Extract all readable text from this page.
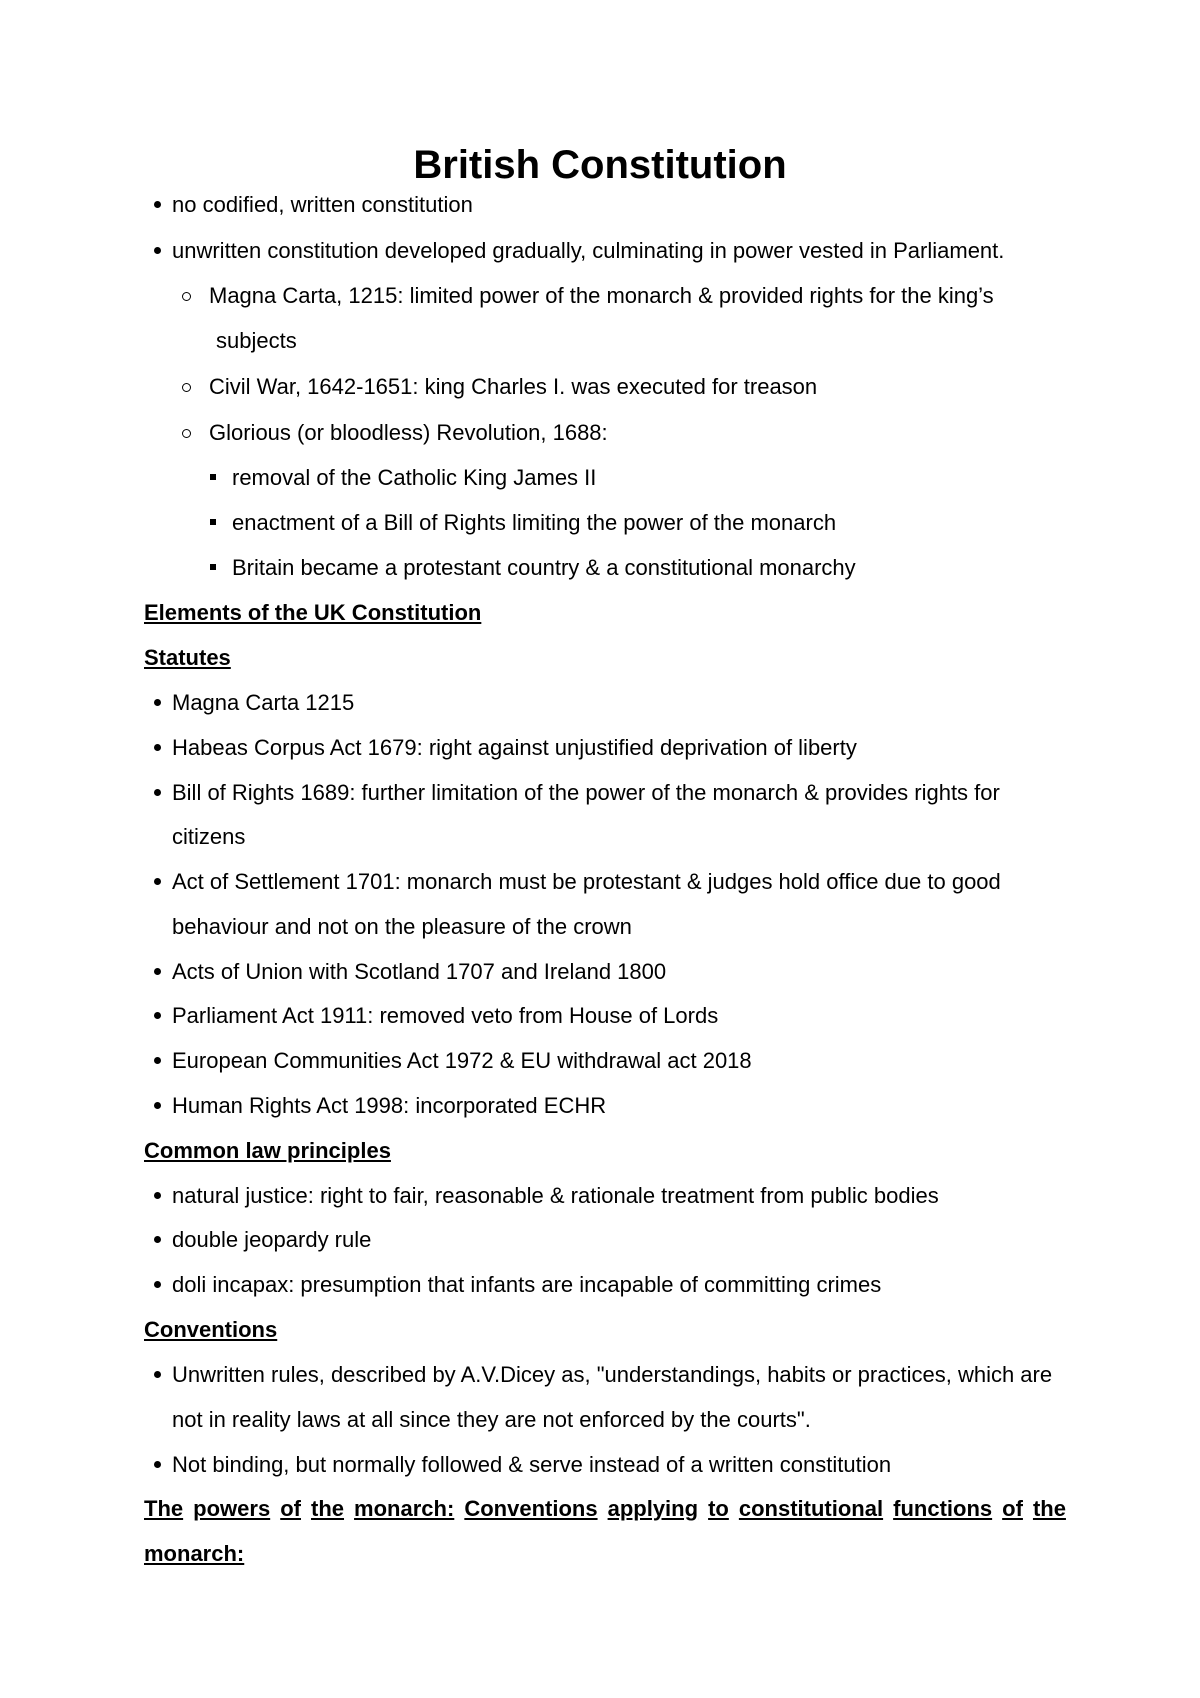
British Constitution

no codified, written constitution

unwritten constitution developed gradually, culminating in power vested in Parliament.

Magna Carta, 1215: limited power of the monarch & provided rights for the king’s

subjects

Civil War, 1642-1651: king Charles I. was executed for treason

Glorious (or bloodless) Revolution, 1688:

removal of the Catholic King James II

enactment of a Bill of Rights limiting the power of the monarch

Britain became a protestant country & a constitutional monarchy

Elements of the UK Constitution

Statutes

Magna Carta 1215

Habeas Corpus Act 1679: right against unjustified deprivation of liberty

Bill of Rights 1689: further limitation of the power of the monarch & provides rights for

citizens

Act of Settlement 1701: monarch must be protestant & judges hold office due to good

behaviour and not on the pleasure of the crown

Acts of Union with Scotland 1707 and Ireland 1800

Parliament Act 1911: removed veto from House of Lords

European Communities Act 1972 & EU withdrawal act 2018

Human Rights Act 1998: incorporated ECHR

Common law principles

natural justice: right to fair, reasonable & rationale treatment from public bodies

double jeopardy rule

doli incapax: presumption that infants are incapable of committing crimes

Conventions

Unwritten rules, described by A.V.Dicey as, "understandings, habits or practices, which are

not in reality laws at all since they are not enforced by the courts".

Not binding, but normally followed & serve instead of a written constitution

The powers of the monarch: Conventions applying to constitutional functions of the

monarch:
